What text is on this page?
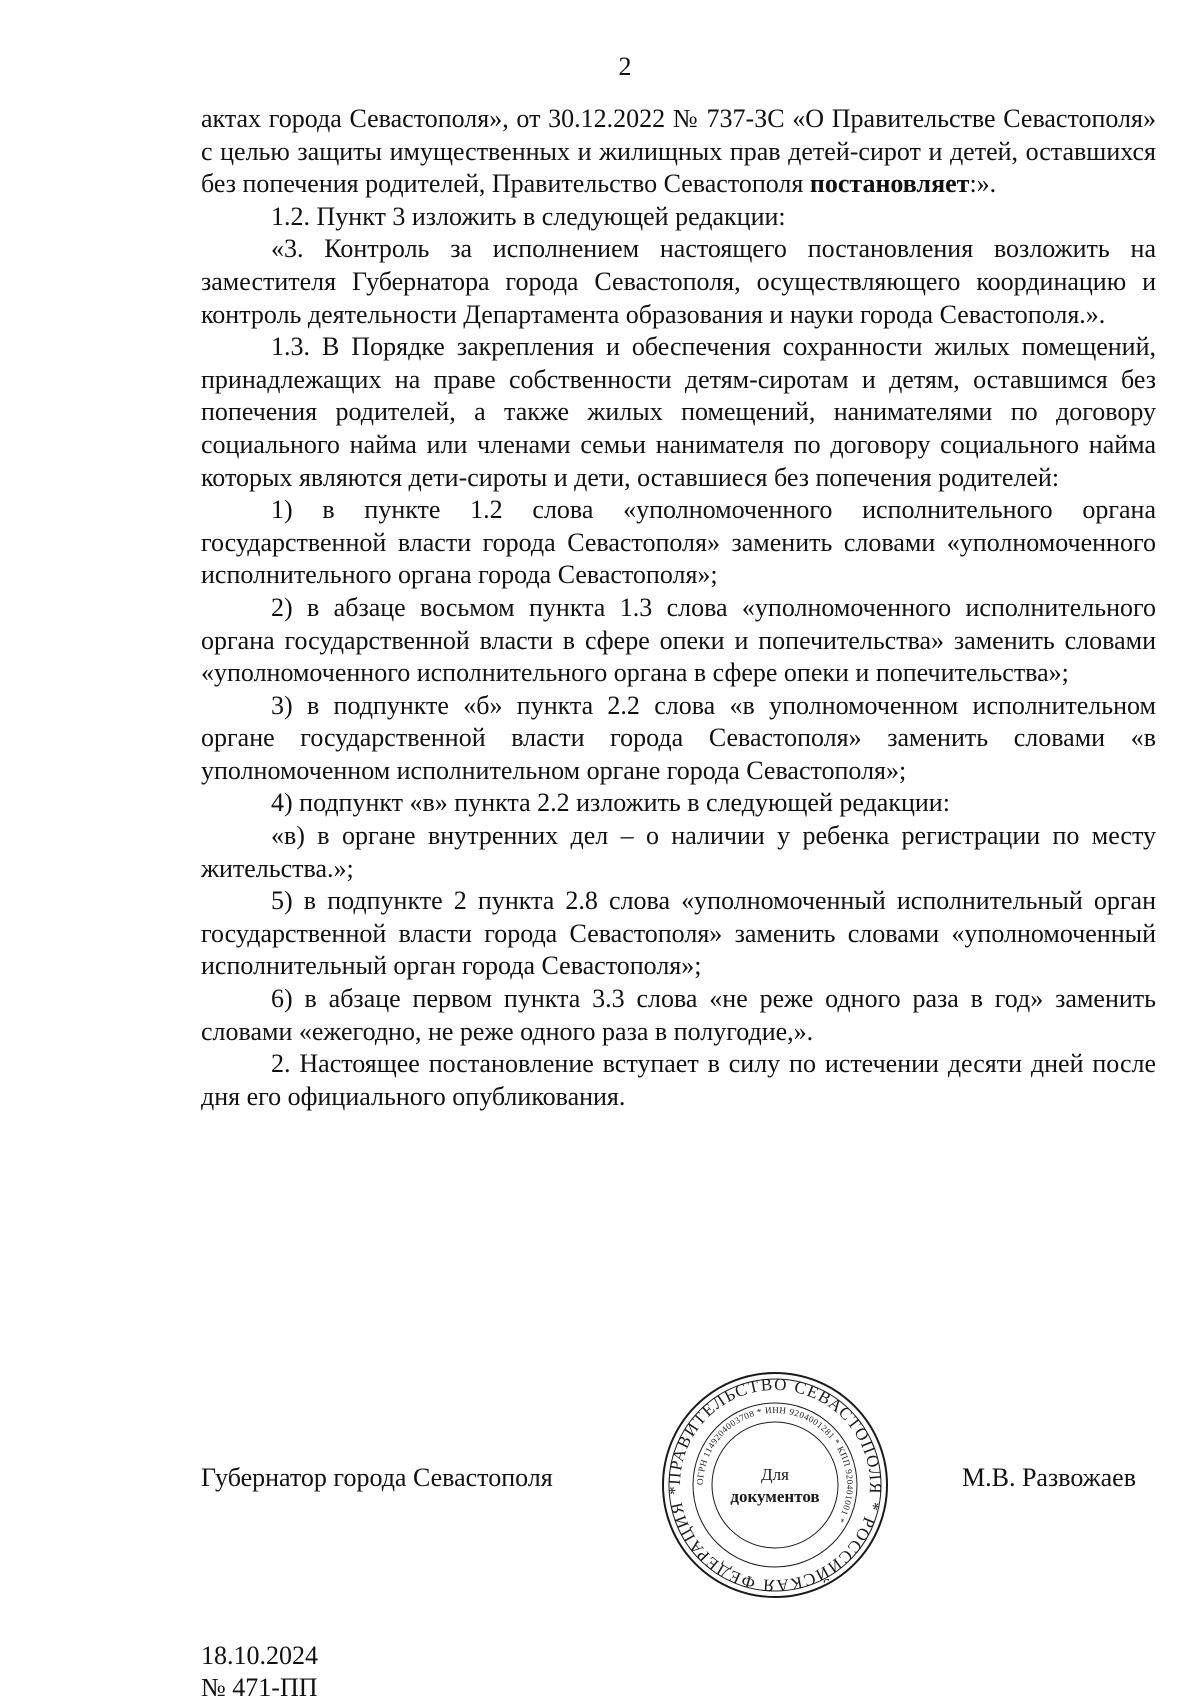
2

актах города Севастополя», от 30.12.2022 № 737-ЗС «О Правительстве Севастополя» с целью защиты имущественных и жилищных прав детей-сирот и детей, оставшихся без попечения родителей, Правительство Севастополя постановляет:».

1.2. Пункт 3 изложить в следующей редакции:

«3. Контроль за исполнением настоящего постановления возложить на заместителя Губернатора города Севастополя, осуществляющего координацию и контроль деятельности Департамента образования и науки города Севастополя.».

1.3. В Порядке закрепления и обеспечения сохранности жилых помещений, принадлежащих на праве собственности детям-сиротам и детям, оставшимся без попечения родителей, а также жилых помещений, нанимателями по договору социального найма или членами семьи нанимателя по договору социального найма которых являются дети-сироты и дети, оставшиеся без попечения родителей:

1) в пункте 1.2 слова «уполномоченного исполнительного органа государственной власти города Севастополя» заменить словами «уполномоченного исполнительного органа города Севастополя»;

2) в абзаце восьмом пункта 1.3 слова «уполномоченного исполнительного органа государственной власти в сфере опеки и попечительства» заменить словами «уполномоченного исполнительного органа в сфере опеки и попечительства»;

3) в подпункте «б» пункта 2.2 слова «в уполномоченном исполнительном органе государственной власти города Севастополя» заменить словами «в уполномоченном исполнительном органе города Севастополя»;

4) подпункт «в» пункта 2.2 изложить в следующей редакции:

«в) в органе внутренних дел – о наличии у ребенка регистрации по месту жительства.»;

5) в подпункте 2 пункта 2.8 слова «уполномоченный исполнительный орган государственной власти города Севастополя» заменить словами «уполномоченный исполнительный орган города Севастополя»;

6) в абзаце первом пункта 3.3 слова «не реже одного раза в год» заменить словами «ежегодно, не реже одного раза в полугодие,».

2. Настоящее постановление вступает в силу по истечении десяти дней после дня его официального опубликования.

Губернатор города Севастополя	М.В. Развожаев
ПРАВИТЕЛЬСТВО СЕВАСТОПОЛЯ * РОССИЙСКАЯ ФЕДЕРАЦИЯ *
ОГРН 1149204003708 * ИНН 9204001281 * КПП 920401001 *
Для
документов
18.10.2024
№ 471-ПП
